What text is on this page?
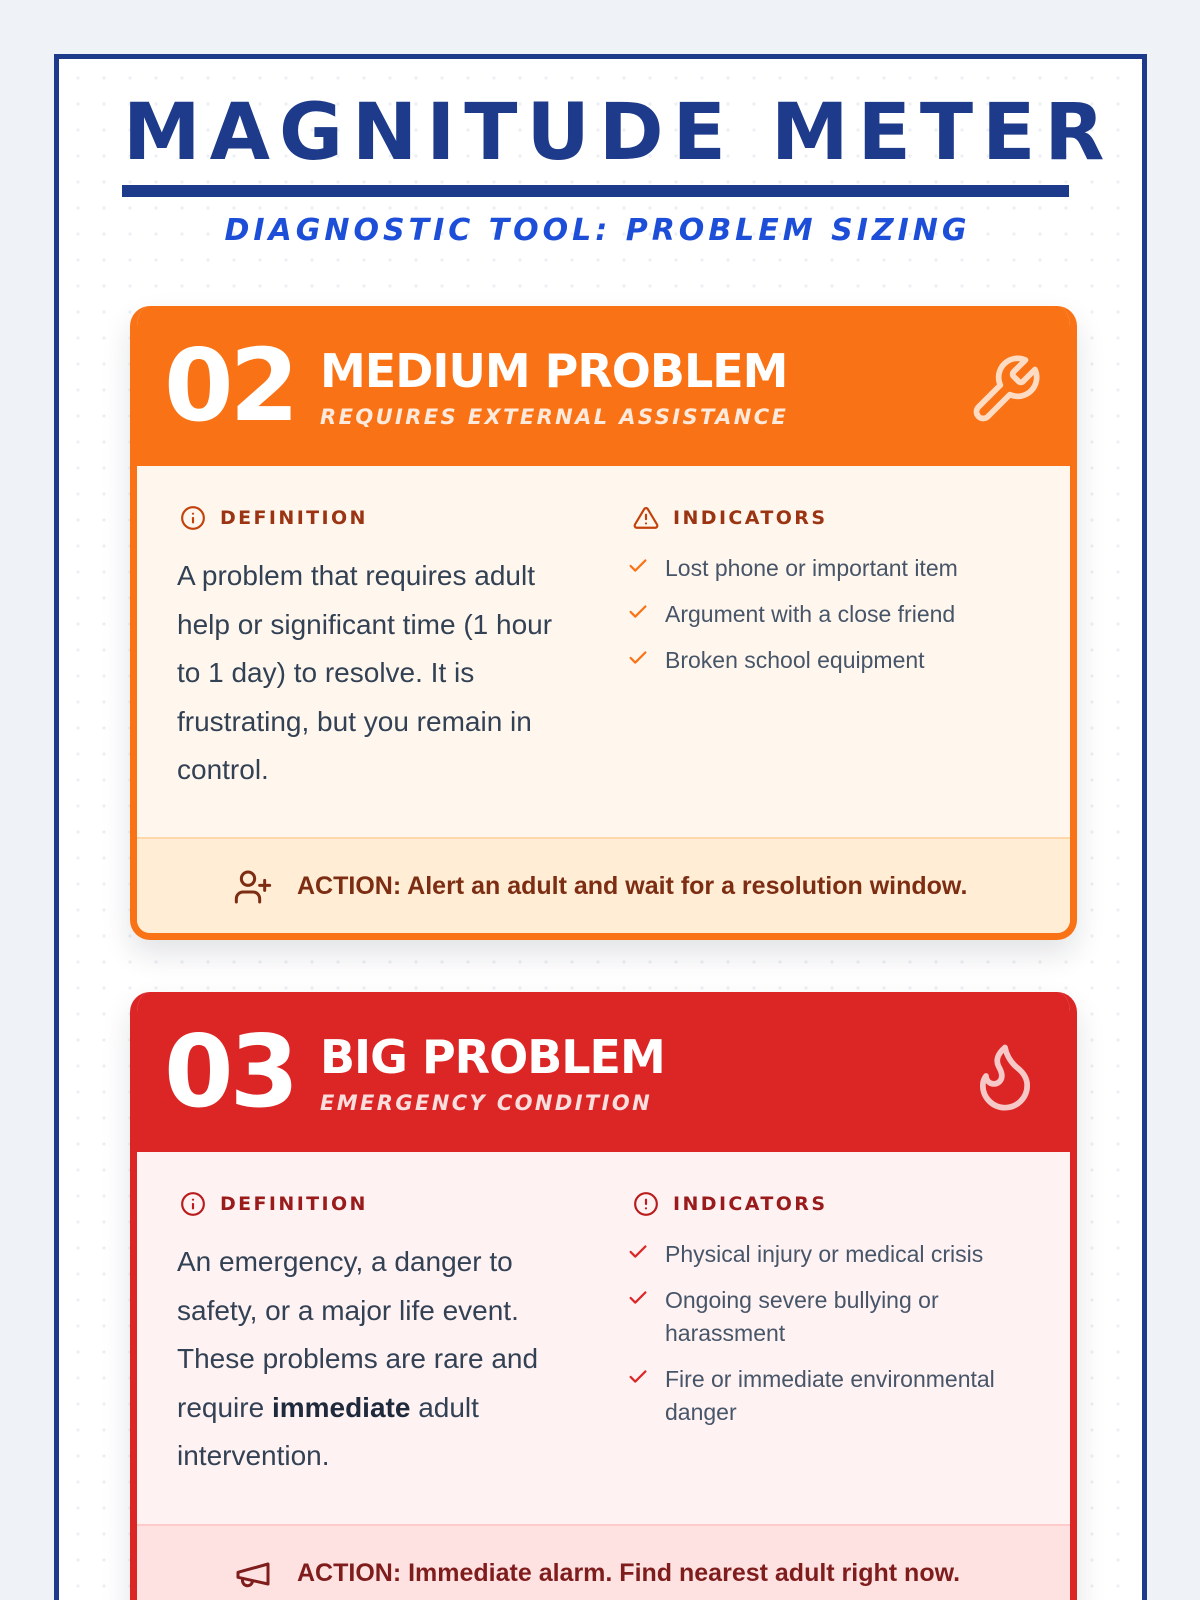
MAGNITUDE METER
DIAGNOSTIC TOOL: PROBLEM SIZING
02 MEDIUM PROBLEM
REQUIRES EXTERNAL ASSISTANCE
DEFINITION
A problem that requires adult help or significant time (1 hour to 1 day) to resolve. It is frustrating, but you remain in control.
INDICATORS
Lost phone or important item
Argument with a close friend
Broken school equipment
ACTION: Alert an adult and wait for a resolution window.
03 BIG PROBLEM
EMERGENCY CONDITION
DEFINITION
An emergency, a danger to safety, or a major life event. These problems are rare and require immediate adult intervention.
INDICATORS
Physical injury or medical crisis
Ongoing severe bullying or harassment
Fire or immediate environmental danger
ACTION: Immediate alarm. Find nearest adult right now.
